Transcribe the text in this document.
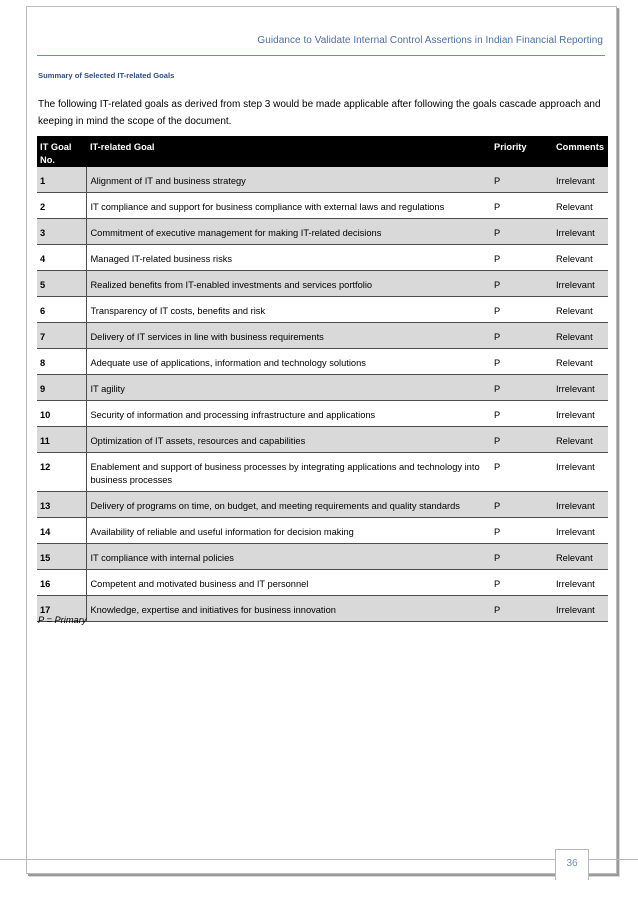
Guidance to Validate Internal Control Assertions in Indian Financial Reporting
Summary of Selected IT-related Goals
The following IT-related goals as derived from step 3 would be made applicable after following the goals cascade approach and keeping in mind the scope of the document.
IT Goal No.	IT-related Goal	Priority	Comments
1	Alignment of IT and business strategy	P	Irrelevant
2	IT compliance and support for business compliance with external laws and regulations	P	Relevant
3	Commitment of executive management for making IT-related decisions	P	Irrelevant
4	Managed IT-related business risks	P	Relevant
5	Realized benefits from IT-enabled investments and services portfolio	P	Irrelevant
6	Transparency of IT costs, benefits and risk	P	Relevant
7	Delivery of IT services in line with business requirements	P	Relevant
8	Adequate use of applications, information and technology solutions	P	Relevant
9	IT agility	P	Irrelevant
10	Security of information and processing infrastructure and applications	P	Irrelevant
11	Optimization of IT assets, resources and capabilities	P	Relevant
12	Enablement and support of business processes by integrating applications and technology into business processes	P	Irrelevant
13	Delivery of programs on time, on budget, and meeting requirements and quality standards	P	Irrelevant
14	Availability of reliable and useful information for decision making	P	Irrelevant
15	IT compliance with internal policies	P	Relevant
16	Competent and motivated business and IT personnel	P	Irrelevant
17	Knowledge, expertise and initiatives for business innovation	P	Irrelevant
P = Primary
36
